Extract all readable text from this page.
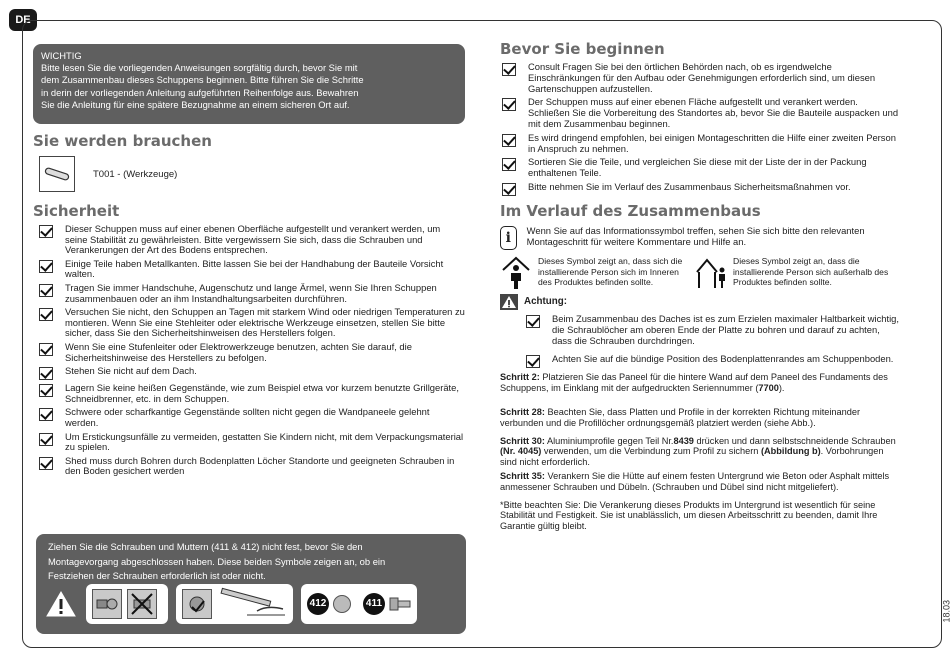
DE
18.03
WICHTIG
Bitte lesen Sie die vorliegenden Anweisungen sorgfältig durch, bevor Sie mit
dem Zusammenbau dieses Schuppens beginnen. Bitte führen Sie die Schritte
in derin der vorliegenden Anleitung aufgeführten Reihenfolge aus. Bewahren
Sie die Anleitung für eine spätere Bezugnahme an einem sicheren Ort auf.
Sie werden brauchen
T001 - (Werkzeuge)
Sicherheit
Dieser Schuppen muss auf einer ebenen Oberfläche aufgestellt und verankert werden, um seine Stabilität zu gewährleisten. Bitte vergewissern Sie sich, dass die Schrauben und Verankerungen der Art des Bodens entsprechen.
Einige Teile haben Metallkanten. Bitte lassen Sie bei der Handhabung der Bauteile Vorsicht walten.
Tragen Sie immer Handschuhe, Augenschutz und lange Ärmel, wenn Sie Ihren Schuppen zusammenbauen oder an ihm Instandhaltungsarbeiten durchführen.
Versuchen Sie nicht, den Schuppen an Tagen mit starkem Wind oder niedrigen Temperaturen zu montieren. Wenn Sie eine Stehleiter oder elektrische Werkzeuge einsetzen, stellen Sie bitte sicher, dass Sie den Sicherheitshinweisen des Herstellers folgen.
Wenn Sie eine Stufenleiter oder Elektrowerkzeuge benutzen, achten Sie darauf, die Sicherheitshinweise des Herstellers zu befolgen.
Stehen Sie nicht auf dem Dach.
Lagern Sie keine heißen Gegenstände, wie zum Beispiel etwa vor kurzem benutzte Grillgeräte, Schneidbrenner, etc. in dem Schuppen.
Schwere oder scharfkantige Gegenstände sollten nicht gegen die Wandpaneele gelehnt werden.
Um Erstickungsunfälle zu vermeiden, gestatten Sie Kindern nicht, mit dem Verpackungsmaterial zu spielen.
Shed muss durch Bohren durch Bodenplatten Löcher Standorte und geeigneten Schrauben in den Boden gesichert werden
Ziehen Sie die Schrauben und Muttern (411 & 412) nicht fest, bevor Sie den
Montagevorgang abgeschlossen haben. Diese beiden Symbole zeigen an, ob ein
Festziehen der Schrauben erforderlich ist oder nicht.
412	411
Bevor Sie beginnen
Consult Fragen Sie bei den örtlichen Behörden nach, ob es irgendwelche Einschränkungen für den Aufbau oder Genehmigungen erforderlich sind, um diesen Gartenschuppen aufzustellen.
Der Schuppen muss auf einer ebenen Fläche aufgestellt und verankert werden. Schließen Sie die Vorbereitung des Standortes ab, bevor Sie die Bauteile auspacken und mit dem Zusammenbau beginnen.
Es wird dringend empfohlen, bei einigen Montageschritten die Hilfe einer zweiten Person in Anspruch zu nehmen.
Sortieren Sie die Teile, und vergleichen Sie diese mit der Liste der in der Packung enthaltenen Teile.
Bitte nehmen Sie im Verlauf des Zusammenbaus Sicherheitsmaßnahmen vor.
Im Verlauf des Zusammenbaus
i	Wenn Sie auf das Informationssymbol treffen, sehen Sie sich bitte den relevanten Montageschritt für weitere Kommentare und Hilfe an.
Dieses Symbol zeigt an, dass sich die installierende Person sich im Inneren des Produktes befinden sollte.
Dieses Symbol zeigt an, dass die installierende Person sich außerhalb des Produktes befinden sollte.
Achtung:
Beim Zusammenbau des Daches ist es zum Erzielen maximaler Haltbarkeit wichtig, die Schraublöcher am oberen Ende der Platte zu bohren und darauf zu achten, dass die Schrauben durchdringen.
Achten Sie auf die bündige Position des Bodenplattenrandes am Schuppenboden.
Schritt 2: Platzieren Sie das Paneel für die hintere Wand auf dem Paneel des Fundaments des Schuppens, im Einklang mit der aufgedruckten Seriennummer (7700).
Schritt 28: Beachten Sie, dass Platten und Profile in der korrekten Richtung miteinander verbunden und die Profillöcher ordnungsgemäß platziert werden (siehe Abb.).
Schritt 30: Aluminiumprofile gegen Teil Nr.8439 drücken und dann selbstschneidende Schrauben (Nr. 4045) verwenden, um die Verbindung zum Profil zu sichern (Abbildung b). Vorbohrungen sind nicht erforderlich.
Schritt 35: Verankern Sie die Hütte auf einem festen Untergrund wie Beton oder Asphalt mittels anmessener Schrauben und Dübeln. (Schrauben und Dübel sind nicht mitgeliefert).
*Bitte beachten Sie: Die Verankerung dieses Produkts im Untergrund ist wesentlich für seine Stabilität und Festigkeit. Sie ist unablässlich, um diesen Arbeitsschritt zu beenden, damit Ihre Garantie gültig bleibt.
